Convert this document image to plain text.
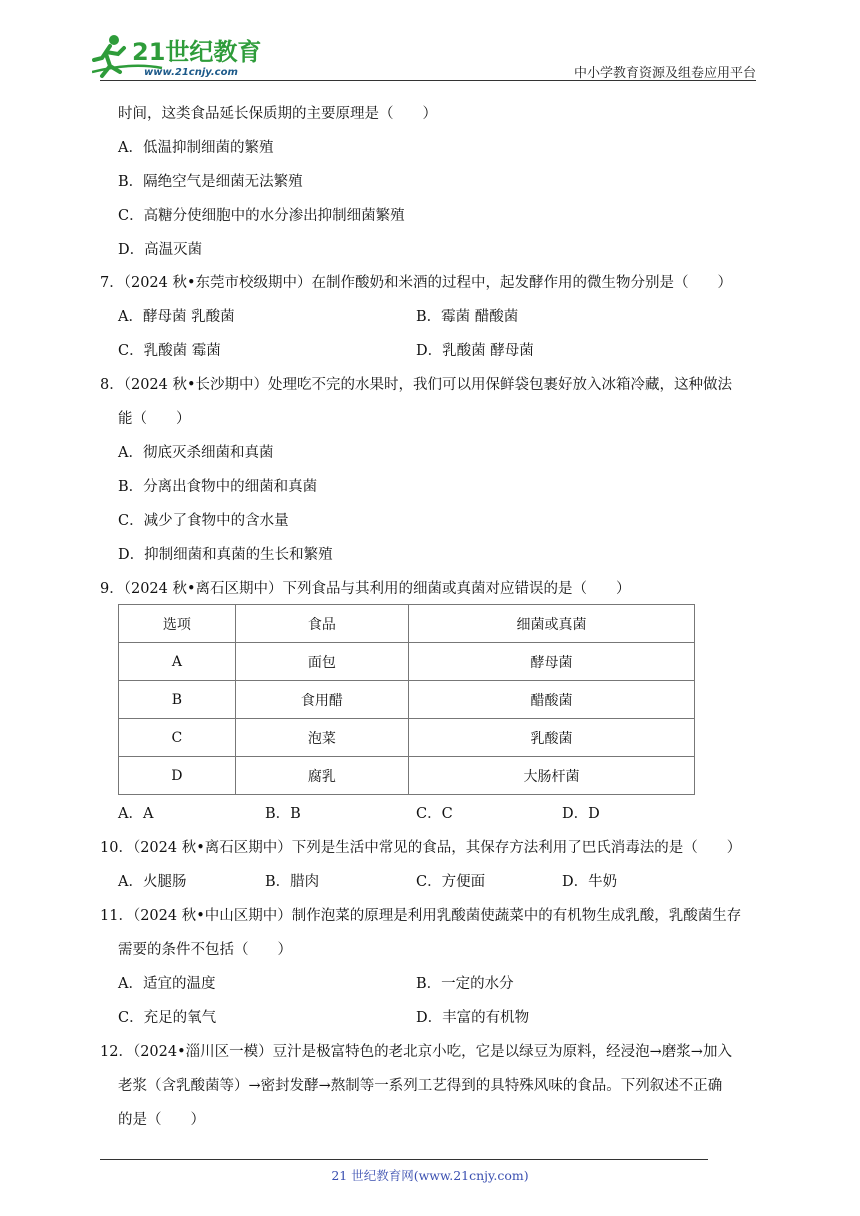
21世纪教育
www.21cnjy.com	中小学教育资源及组卷应用平台
时间，这类食品延长保质期的主要原理是（　　）
A．低温抑制细菌的繁殖
B．隔绝空气是细菌无法繁殖
C．高糖分使细胞中的水分渗出抑制细菌繁殖
D．高温灭菌
7．（2024 秋•东莞市校级期中）在制作酸奶和米酒的过程中，起发酵作用的微生物分别是（　　）
A．酵母菌 乳酸菌	B．霉菌 醋酸菌
C．乳酸菌 霉菌	D．乳酸菌 酵母菌
8．（2024 秋•长沙期中）处理吃不完的水果时，我们可以用保鲜袋包裹好放入冰箱冷藏，这种做法
能（　　）
A．彻底灭杀细菌和真菌
B．分离出食物中的细菌和真菌
C．减少了食物中的含水量
D．抑制细菌和真菌的生长和繁殖
9．（2024 秋•离石区期中）下列食品与其利用的细菌或真菌对应错误的是（　　）
选项	食品	细菌或真菌
A	面包	酵母菌
B	食用醋	醋酸菌
C	泡菜	乳酸菌
D	腐乳	大肠杆菌
A．A	B．B	C．C	D．D
10．（2024 秋•离石区期中）下列是生活中常见的食品，其保存方法利用了巴氏消毒法的是（　　）
A．火腿肠	B．腊肉	C．方便面	D．牛奶
11．（2024 秋•中山区期中）制作泡菜的原理是利用乳酸菌使蔬菜中的有机物生成乳酸，乳酸菌生存
需要的条件不包括（　　）
A．适宜的温度	B．一定的水分
C．充足的氧气	D．丰富的有机物
12．（2024•淄川区一模）豆汁是极富特色的老北京小吃，它是以绿豆为原料，经浸泡→磨浆→加入
老浆（含乳酸菌等）→密封发酵→熬制等一系列工艺得到的具特殊风味的食品。下列叙述不正确
的是（　　）
21 世纪教育网(www.21cnjy.com)
